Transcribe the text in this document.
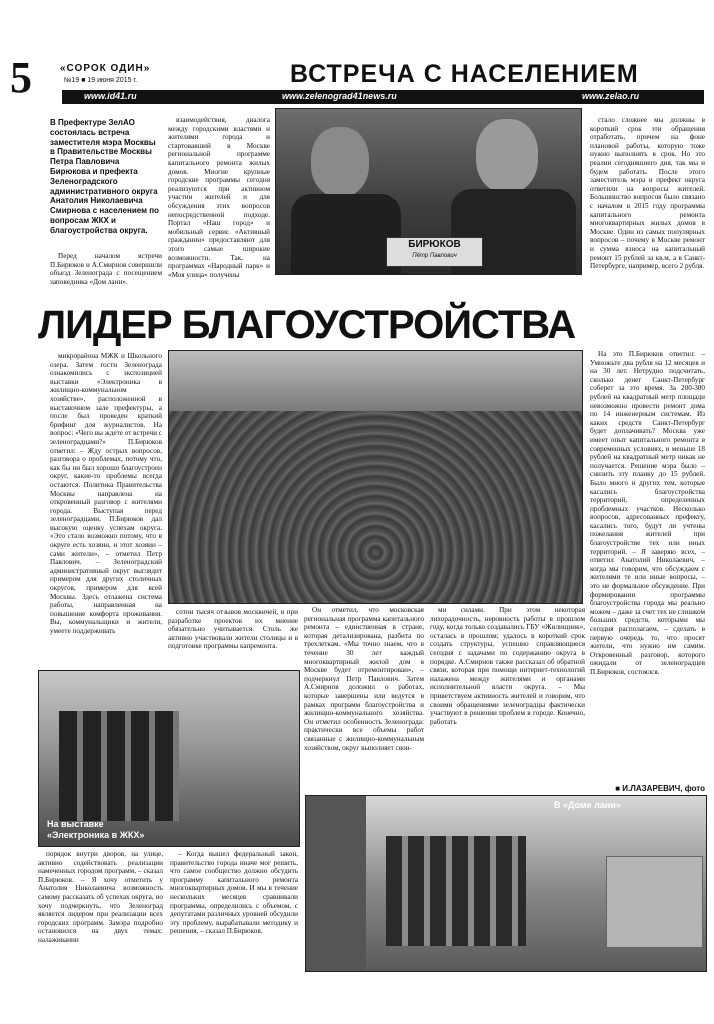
5	«СОРОК ОДИН»
№19 ■ 19 июня 2015 г.	ВСТРЕЧА С НАСЕЛЕНИЕМ
www.id41.ru	www.zelenograd41news.ru	www.zelao.ru
В Префектуре ЗелАО состоялась встреча заместителя мэра Москвы в Правительстве Москвы Петра Павловича Бирюкова и префекта Зеленоградского административного округа Анатолия Николаевича Смирнова с населением по вопросам ЖКХ и благоустройства округа.

Перед началом встречи П.Бирюков и А.Смирнов совершили объезд Зеленограда с посещением заповедника «Дом лани».

взаимодействия, диалога между городскими властями и жителями города и стартовавший в Москве региональной программе капитального ремонта жилых домов. Многие крупные городские программы сегодня реализуются при активном участии жителей и для обсуждения этих вопросов непосредственной подходе. Портал «Наш город» и мобильный сервис «Активный гражданин» предоставляют для этого самые широкие возможности. Так, на программах «Народный парк» и «Моя улица» получены

БИРЮКОВ
Пётр Павлович

стало сложнее мы должны в короткий срок эти обращения отработать, причем на фоне плановой работы, которую тоже нужно выполнять в срок. Но это реалии сегодняшнего дня, так мы и будем работать. После этого заместитель мэра и префект округа ответили на вопросы жителей. Большинство вопросов было связано с началом в 2015 году программы капитального ремонта многоквартирных жилых домов в Москве. Один из самых популярных вопросов – почему в Москве ремонт и сумма взноса на капитальный ремонт 15 рублей за кв.м, а в Санкт-Петербурге, например, всего 2 рубля.

ЛИДЕР БЛАГОУСТРОЙСТВА

микрорайона МЖК и Школьного озера. Затем гости Зеленограда ознакомились с экспозицией выставки «Электроника в жилищно-коммунальном хозяйстве», расположенной в выставочном зале префектуры, а после был проведен краткий брифинг для журналистов. На вопрос: «Чего вы ждете от встречи с зеленоградцами?» П.Бирюков ответил: – Жду острых вопросов, разговора о проблемах, потому что, как бы ни был хорошо благоустроен округ, какие-то проблемы всегда остаются. Политика Правительства Москвы направлена на откровенный разговор с жителями города. Выступая перед зеленоградцами, П.Бирюков дал высокую оценку успехам округа. «Это стало возможно потому, что в округе есть хозяин, и этот хозяин – сами жители», – отметил Петр Павлович. – Зеленоградский административный округ выглядит примером для других столичных округов, примером для всей Москвы. Здесь отлажена система работы, направленная на повышение комфорта проживания. Вы, коммунальщики и жители, умеете поддерживать

На это П.Бирюков ответил: – Умножьте два рубля на 12 месяцев и на 30 лет. Нетрудно подсчитать, сколько денег Санкт-Петербург соберет за это время. За 200-300 рублей на квадратный метр площади невозможно провести ремонт дома по 14 инженерным системам. Из каких средств Санкт-Петербург будет доплачивать? Москва уже имеет опыт капитального ремонта в современных условиях, и меньше 18 рублей на квадратный метр никак не получается. Решение мэра было – снизить эту планку до 15 рублей. Было много и других тем, которые касались благоустройства территорий, определенных проблемных участков. Несколько вопросов, адресованных префекту, касались того, будут ли учтены пожелания жителей при благоустройстве тех или иных территорий. – Я заверяю всех, – ответил Анатолий Николаевич, – когда мы говорим, что обсуждаем с жителями те или иные вопросы, – это не формальное обсуждение. При формировании программы благоустройства города мы реально можем – даже за счет тех не слишком больших средств, которыми мы сегодня располагаем, – сделать в первую очередь то, что просят жители, что нужно им самим. Откровенный разговор, которого ожидали от зеленоградцев П.Бирюков, состоялся.

сотни тысяч отзывов москвичей, и при разработке проектов их мнение обязательно учитывается. Столь же активно участвовали жители столицы и в подготовке программы капремонта.

Он отметил, что московская региональная программа капитального ремонта – единственная в стране, которая детализирована, разбита по трехлеткам. «Мы точно знаем, что в течение 30 лет каждый многоквартирный жилой дом в Москве будет отремонтирован», – подчеркнул Петр Павлович. Затем А.Смирнов доложил о работах, которые завершены или ведутся в рамках программ благоустройства и жилищно-коммунального хозяйства. Он отметил особенность Зеленограда: практически все объемы работ связанные с жилищно-коммунальным хозяйством, округ выполняет свои-

ми силами. При этом некоторая лихорадочность, неровность работы в прошлом году, когда только создавались ГБУ «Жилищник», осталась в прошлом; удалось в короткий срок создать структуры, успешно справляющиеся сегодня с задачами по содержанию округа в порядке. А.Смирнов также рассказал об обратной связи, которая при помощи интернет-технологий налажена между жителями и органами исполнительной власти округа. – Мы приветствуем активность жителей и говорим, что своими обращениями зеленоградцы фактически участвуют в решении проблем в городе. Конечно, работать

На выставке «Электроника в ЖКХ»
■ И.ЛАЗАРЕВИЧ, фото
В «Доме лани»

порядок внутри дворов, на улице, активно содействовать реализации намеченных городом программ, – сказал П.Бирюков. – Я хочу отметить у Анатолия Николаевича возможность самому рассказать об успехах округа, но хочу подчеркнуть, что Зеленоград является лидером при реализации всех городских программ. Замэра подробно остановился на двух темах: налаживании

– Когда вышел федеральный закон, правительство города иначе мог решить, что самое сообщество должно обсудить программу капитального ремонта многоквартирных домов. И мы в течение нескольких месяцев сравнивали программы, определились с объемом, с депутатами различных уровней обсудили эту проблему, вырабатывали методику и решения, – сказал П.Бирюков.
